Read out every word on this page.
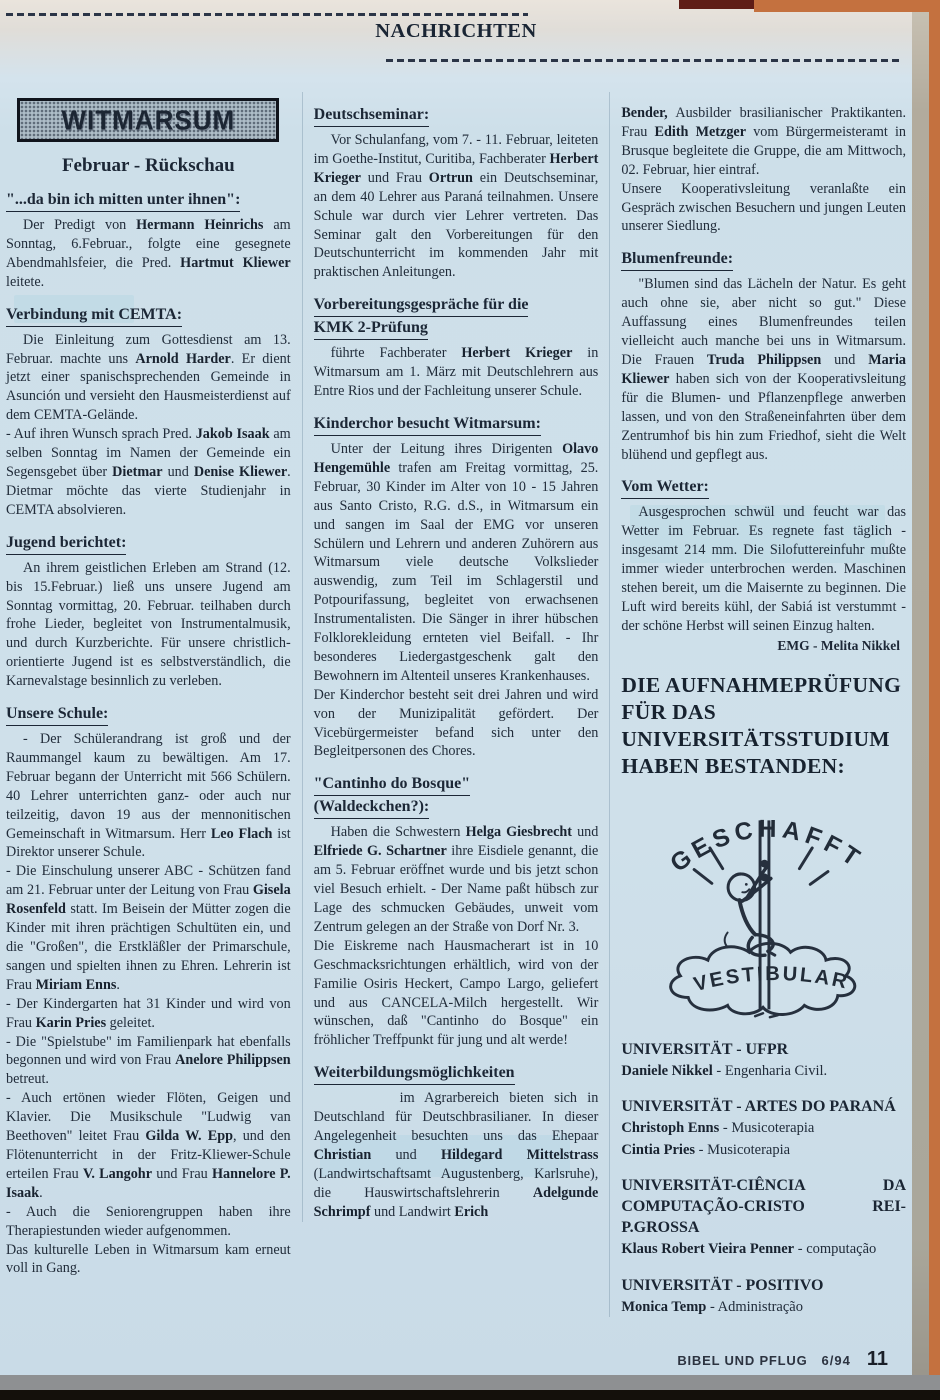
NACHRICHTEN
WITMARSUM
Februar - Rückschau
"...da bin ich mitten unter ihnen":

Der Predigt von Hermann Heinrichs am Sonntag, 6.Februar., folgte eine gesegnete Abendmahlsfeier, die Pred. Hartmut Kliewer leitete.

Verbindung mit CEMTA:

Die Einleitung zum Gottesdienst am 13. Februar. machte uns Arnold Harder. Er dient jetzt einer spanischsprechenden Gemeinde in Asunción und versieht den Hausmeisterdienst auf dem CEMTA-Gelände.

- Auf ihren Wunsch sprach Pred. Jakob Isaak am selben Sonntag im Namen der Gemeinde ein Segensgebet über Dietmar und Denise Kliewer. Dietmar möchte das vierte Studienjahr in CEMTA absolvieren.

Jugend berichtet:

An ihrem geistlichen Erleben am Strand (12. bis 15.Februar.) ließ uns unsere Jugend am Sonntag vormittag, 20. Februar. teilhaben durch frohe Lieder, begleitet von Instrumentalmusik, und durch Kurzberichte. Für unsere christlich-orientierte Jugend ist es selbstverständlich, die Karnevalstage besinnlich zu verleben.

Unsere Schule:

- Der Schülerandrang ist groß und der Raummangel kaum zu bewältigen. Am 17. Februar begann der Unterricht mit 566 Schülern. 40 Lehrer unterrichten ganz- oder auch nur teilzeitig, davon 19 aus der mennonitischen Gemeinschaft in Witmarsum. Herr Leo Flach ist Direktor unserer Schule.

- Die Einschulung unserer ABC - Schützen fand am 21. Februar unter der Leitung von Frau Gisela Rosenfeld statt. Im Beisein der Mütter zogen die Kinder mit ihren prächtigen Schultüten ein, und die "Großen", die Erstkläßler der Primarschule, sangen und spielten ihnen zu Ehren. Lehrerin ist Frau Miriam Enns.

- Der Kindergarten hat 31 Kinder und wird von Frau Karin Pries geleitet.

- Die "Spielstube" im Familienpark hat ebenfalls begonnen und wird von Frau Anelore Philippsen betreut.

- Auch ertönen wieder Flöten, Geigen und Klavier. Die Musikschule "Ludwig van Beethoven" leitet Frau Gilda W. Epp, und den Flötenunterricht in der Fritz-Kliewer-Schule erteilen Frau V. Langohr und Frau Hannelore P. Isaak.

- Auch die Seniorengruppen haben ihre Therapiestunden wieder aufgenommen.

Das kulturelle Leben in Witmarsum kam erneut voll in Gang.

Deutschseminar:

Vor Schulanfang, vom 7. - 11. Februar, leiteten im Goethe-Institut, Curitiba, Fachberater Herbert Krieger und Frau Ortrun ein Deutschseminar, an dem 40 Lehrer aus Paraná teilnahmen. Unsere Schule war durch vier Lehrer vertreten. Das Seminar galt den Vorbereitungen für den Deutschunterricht im kommenden Jahr mit praktischen Anleitungen.

Vorbereitungsgespräche für die
KMK 2-Prüfung

führte Fachberater Herbert Krieger in Witmarsum am 1. März mit Deutschlehrern aus Entre Rios und der Fachleitung unserer Schule.

Kinderchor besucht Witmarsum:

Unter der Leitung ihres Dirigenten Olavo Hengemühle trafen am Freitag vormittag, 25. Februar, 30 Kinder im Alter von 10 - 15 Jahren aus Santo Cristo, R.G. d.S., in Witmarsum ein und sangen im Saal der EMG vor unseren Schülern und Lehrern und anderen Zuhörern aus Witmarsum viele deutsche Volkslieder auswendig, zum Teil im Schlagerstil und Potpourifassung, begleitet von erwachsenen Instrumentalisten. Die Sänger in ihrer hübschen Folklorekleidung ernteten viel Beifall. - Ihr besonderes Liedergastgeschenk galt den Bewohnern im Altenteil unseres Krankenhauses.

Der Kinderchor besteht seit drei Jahren und wird von der Munizipalität gefördert. Der Vicebürgermeister befand sich unter den Begleitpersonen des Chores.

"Cantinho do Bosque"
(Waldeckchen?):

Haben die Schwestern Helga Giesbrecht und Elfriede G. Schartner ihre Eisdiele genannt, die am 5. Februar eröffnet wurde und bis jetzt schon viel Besuch erhielt. - Der Name paßt hübsch zur Lage des schmucken Gebäudes, unweit vom Zentrum gelegen an der Straße von Dorf Nr. 3.

Die Eiskreme nach Hausmacherart ist in 10 Geschmacksrichtungen erhältlich, wird von der Familie Osiris Heckert, Campo Largo, geliefert und aus CANCELA-Milch hergestellt. Wir wünschen, daß "Cantinho do Bosque" ein fröhlicher Treffpunkt für jung und alt werde!

Weiterbildungsmöglichkeiten

im Agrarbereich bieten sich in Deutschland für Deutschbrasilianer. In dieser Angelegenheit besuchten uns das Ehepaar Christian und Hildegard Mittelstrass (Landwirtschaftsamt Augustenberg, Karlsruhe), die Hauswirtschaftslehrerin Adelgunde Schrimpf und Landwirt Erich

Bender, Ausbilder brasilianischer Praktikanten. Frau Edith Metzger vom Bürgermeisteramt in Brusque begleitete die Gruppe, die am Mittwoch, 02. Februar, hier eintraf.

Unsere Kooperativsleitung veranlaßte ein Gespräch zwischen Besuchern und jungen Leuten unserer Siedlung.

Blumenfreunde:

"Blumen sind das Lächeln der Natur. Es geht auch ohne sie, aber nicht so gut." Diese Auffassung eines Blumenfreundes teilen vielleicht auch manche bei uns in Witmarsum. Die Frauen Truda Philippsen und Maria Kliewer haben sich von der Kooperativsleitung für die Blumen- und Pflanzenpflege anwerben lassen, und von den Straßeneinfahrten über dem Zentrumhof bis hin zum Friedhof, sieht die Welt blühend und gepflegt aus.

Vom Wetter:

Ausgesprochen schwül und feucht war das Wetter im Februar. Es regnete fast täglich - insgesamt 214 mm. Die Silofuttereinfuhr mußte immer wieder unterbrochen werden. Maschinen stehen bereit, um die Maisernte zu beginnen. Die Luft wird bereits kühl, der Sabiá ist verstummt - der schöne Herbst will seinen Einzug halten.

EMG - Melita Nikkel
DIE AUFNAHMEPRÜFUNG FÜR DAS UNIVERSITÄTSSTUDIUM HABEN BESTANDEN:
GESCHAFFT
VESTIBULAR
UNIVERSITÄT - UFPR
Daniele Nikkel - Engenharia Civil.
UNIVERSITÄT - ARTES DO PARANÁ
Christoph Enns - Musicoterapia
Cintia Pries - Musicoterapia
UNIVERSITÄT-CIÊNCIA DA COMPUTAÇÃO-CRISTO REI-P.GROSSA
Klaus Robert Vieira Penner - computação
UNIVERSITÄT - POSITIVO
Monica Temp - Administração
BIBEL UND PFLUG 6/94 11
